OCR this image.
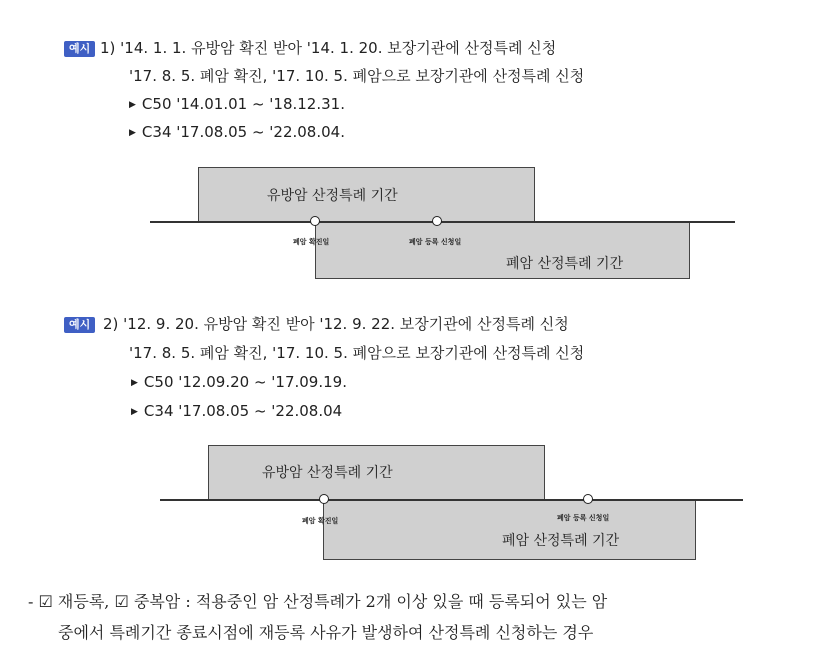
예시 1) '14. 1. 1. 유방암 확진 받아 '14. 1. 20. 보장기관에 산정특례 신청
'17. 8. 5. 폐암 확진, '17. 10. 5. 폐암으로 보장기관에 산정특례 신청
▶ C50 '14.01.01 ~ '18.12.31.
▶ C34 '17.08.05 ~ '22.08.04.
유방암 산정특례 기간
폐암 산정특례 기간
폐암 확진일	폐암 등록 신청일
예시 2) '12. 9. 20. 유방암 확진 받아 '12. 9. 22. 보장기관에 산정특례 신청
'17. 8. 5. 폐암 확진, '17. 10. 5. 폐암으로 보장기관에 산정특례 신청
▶ C50 '12.09.20 ~ '17.09.19.
▶ C34 '17.08.05 ~ '22.08.04
유방암 산정특례 기간
폐암 산정특례 기간
폐암 확진일	폐암 등록 신청일
- ☑ 재등록, ☑ 중복암 : 적용중인 암 산정특례가 2개 이상 있을 때 등록되어 있는 암
중에서 특례기간 종료시점에 재등록 사유가 발생하여 산정특례 신청하는 경우
